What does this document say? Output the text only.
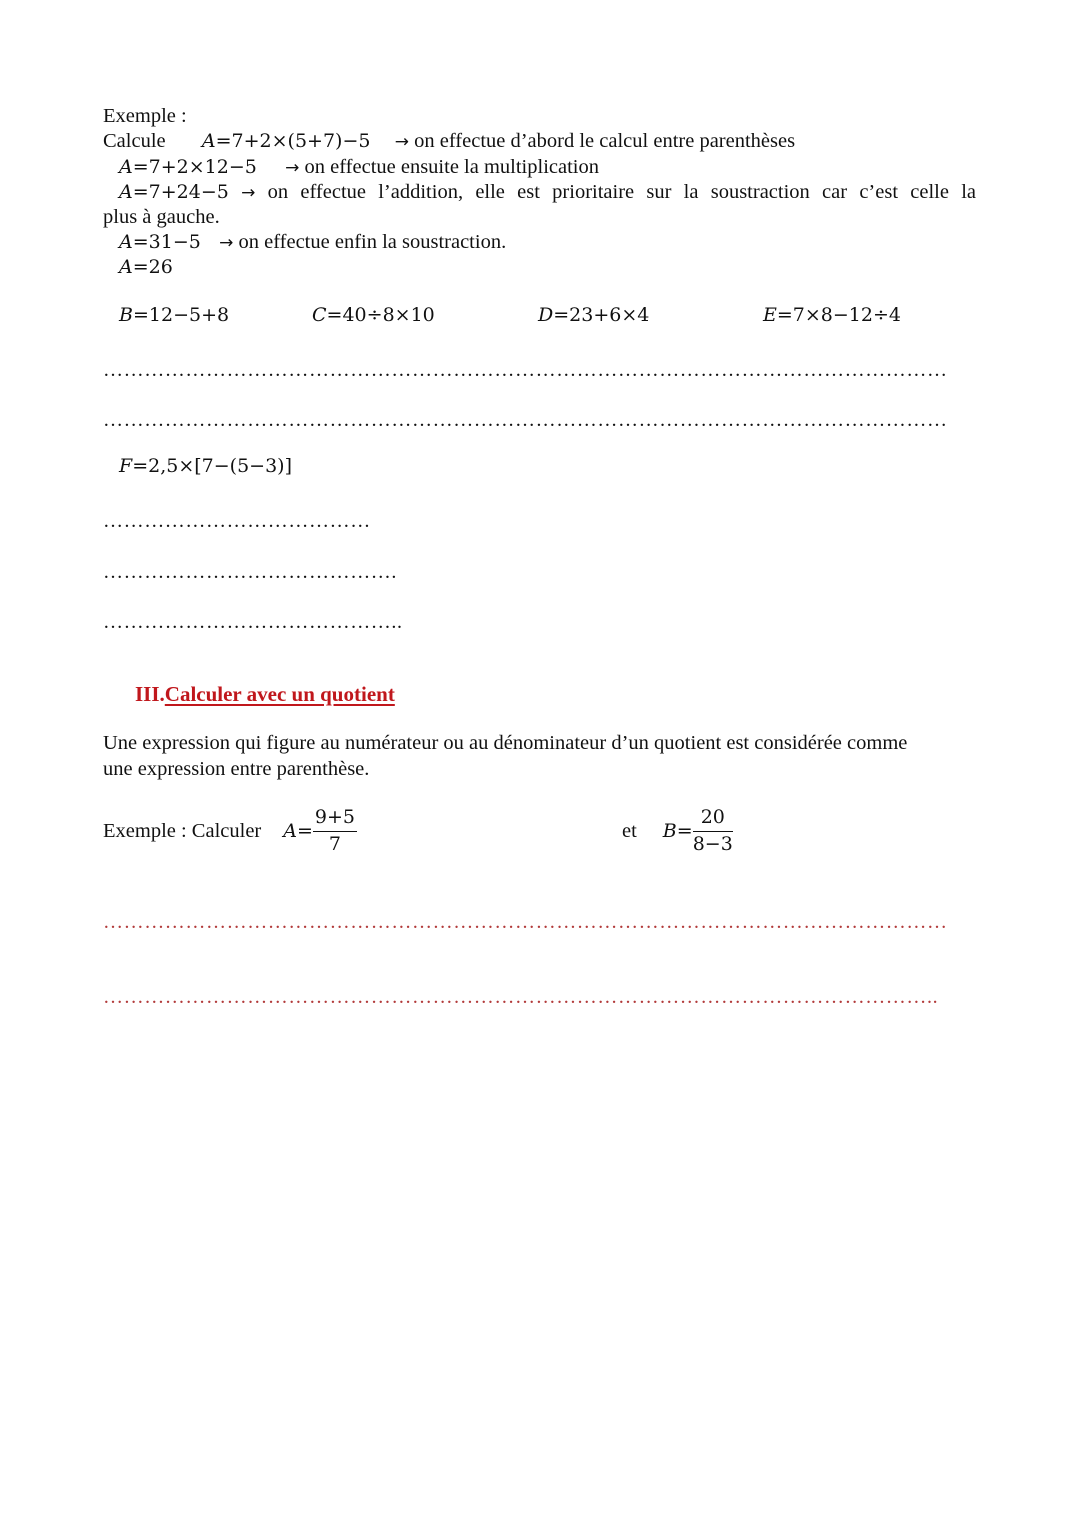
Exemple :
Calcule A=7+2×(5+7)−5 → on effectue d’abord le calcul entre parenthèses
A=7+2×12−5 → on effectue ensuite la multiplication
A=7+24−5 → on effectue l’addition, elle est prioritaire sur la soustraction car c’est celle la
plus à gauche.
A=31−5 → on effectue enfin la soustraction.
A=26
B=12−5+8	C=40÷8×10	D=23+6×4	E=7×8−12÷4
……………………………………………………………………………………………………………
……………………………………………………………………………………………………………
F=2,5×[7−(5−3)]
…………………………………
…………………………………….
……………………………………..
III.Calculer avec un quotient
Une expression qui figure au numérateur ou au dénominateur d’un quotient est considérée comme
une expression entre parenthèse.
Exemple : Calculer $A= \frac{9+5}{7}$	et $B= \frac{20}{8-3}$
……………………………………………………………………………………………………………
…………………………………………………………………………………………………………..
